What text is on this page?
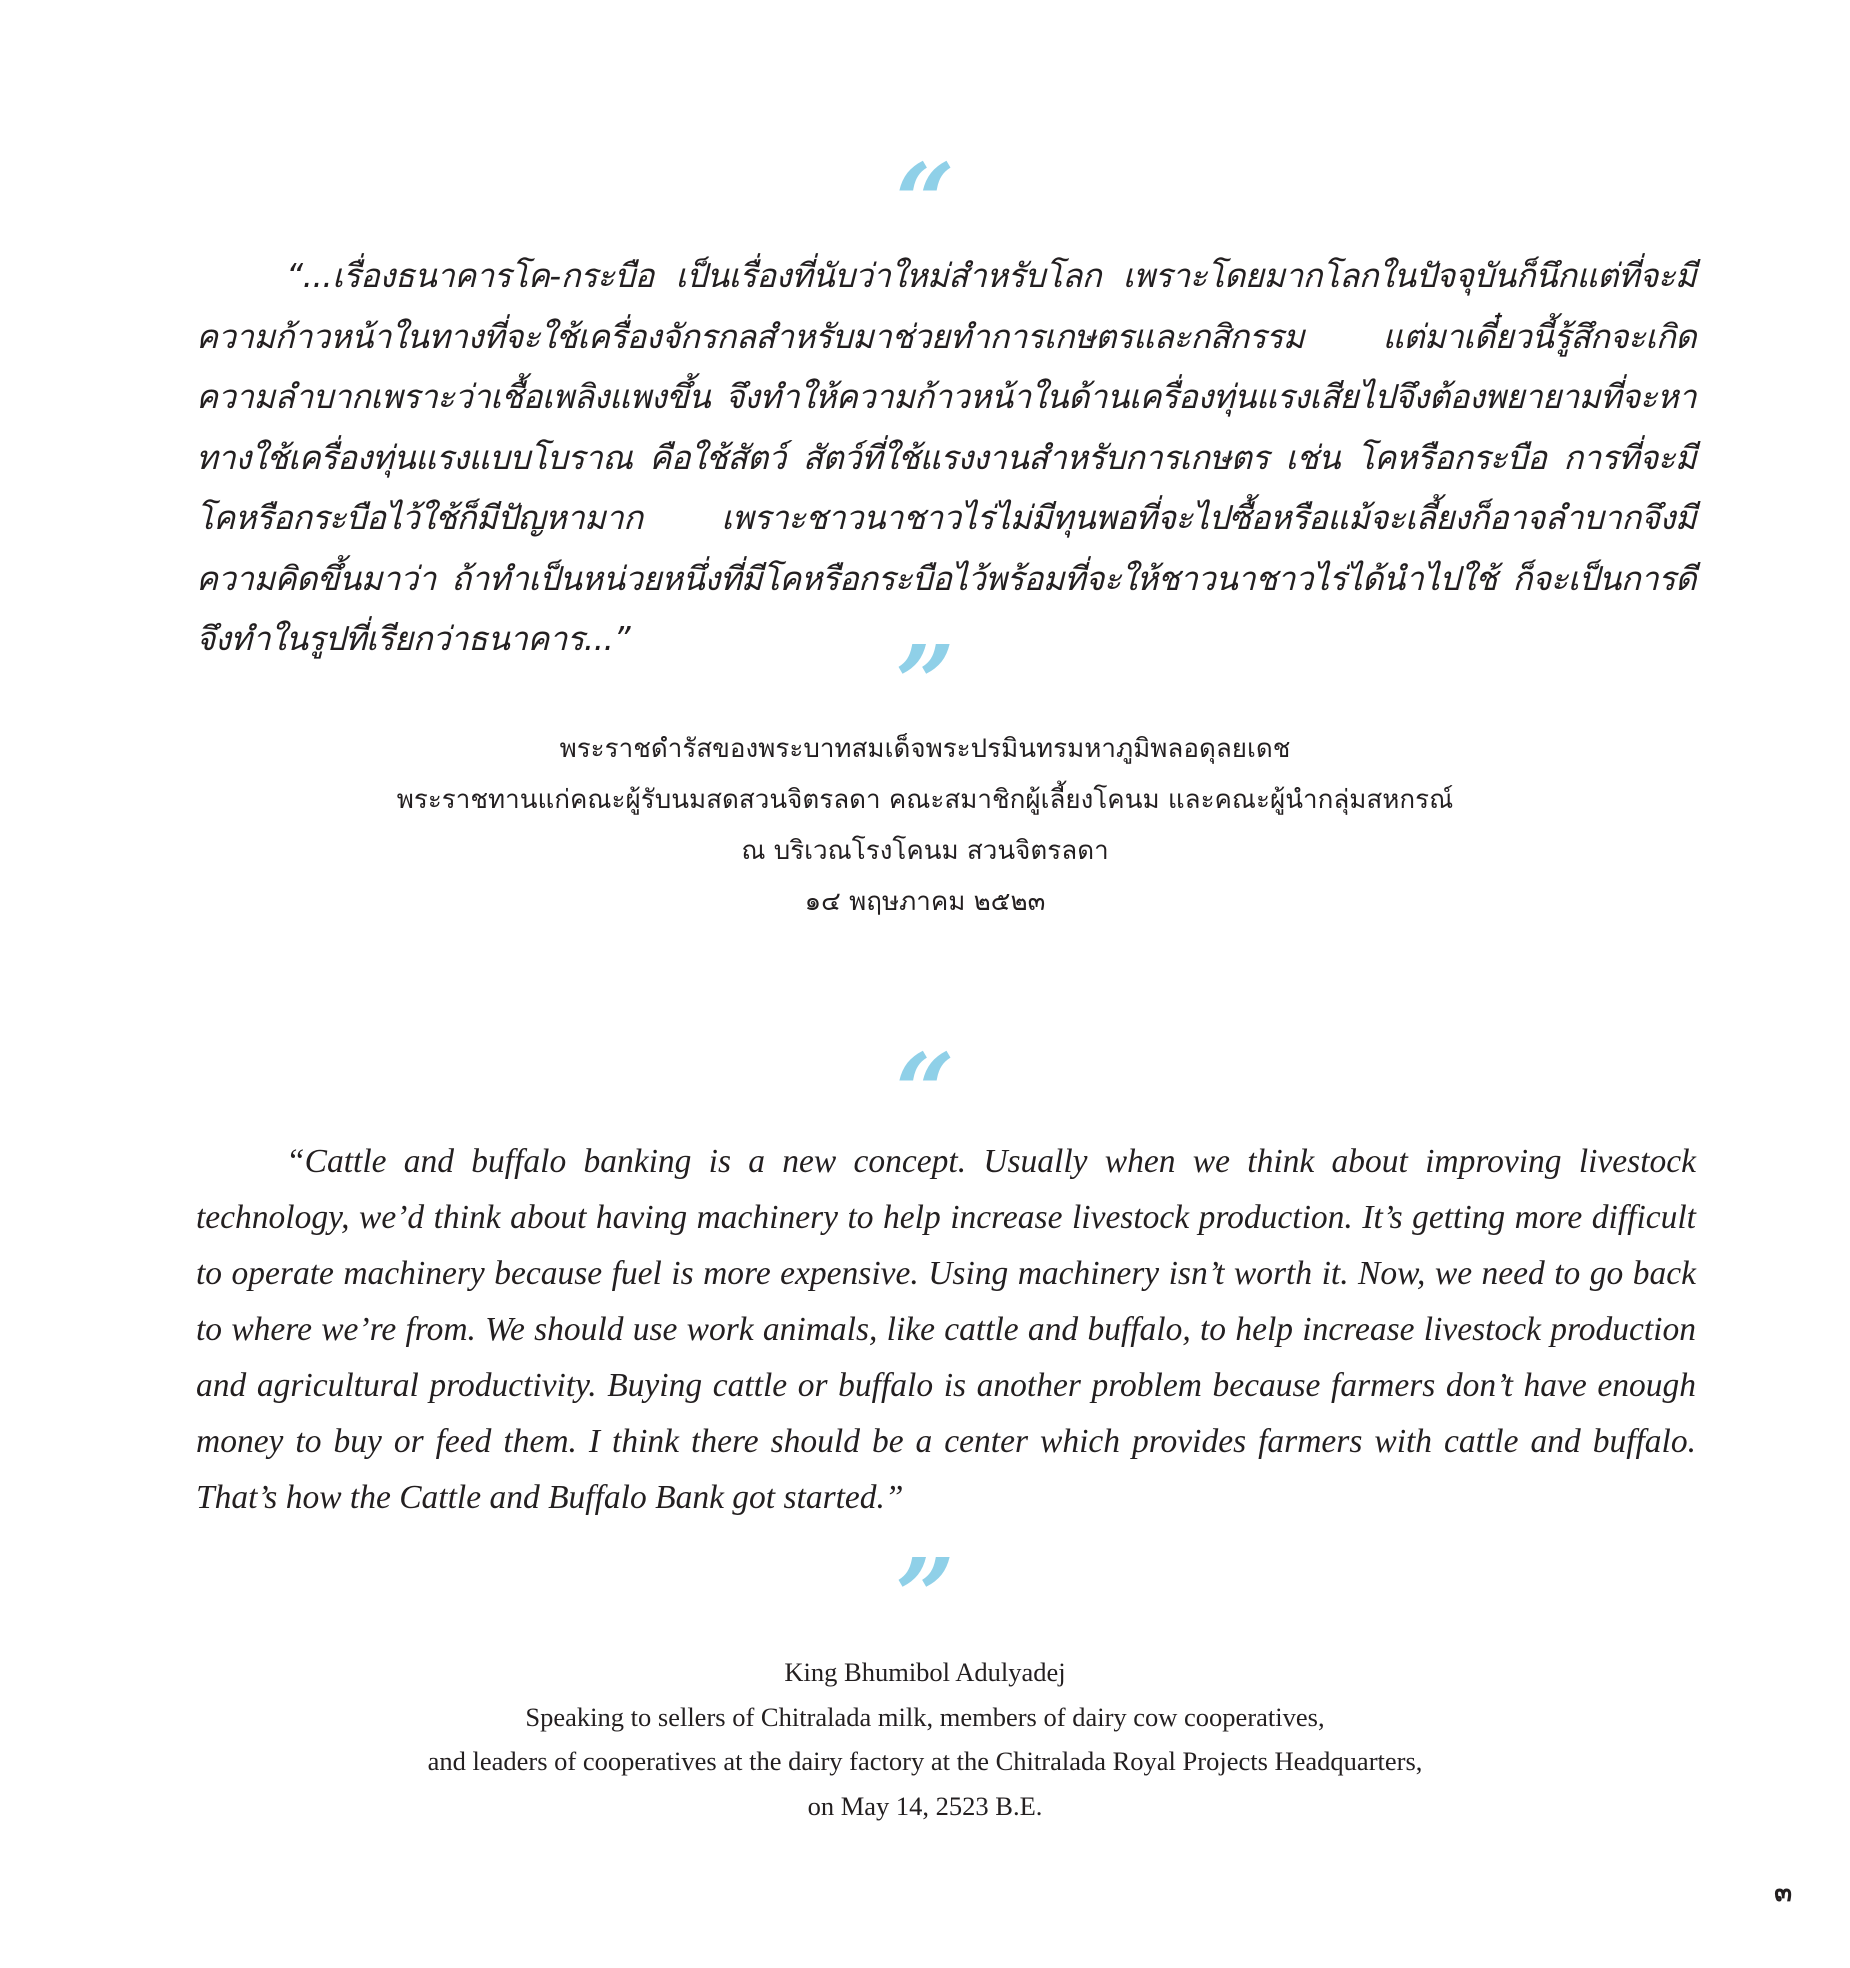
“

“...เรื่องธนาคารโค-กระบือ เป็นเรื่องที่นับว่าใหม่สำหรับโลก เพราะโดยมากโลกในปัจจุบันก็นึกแต่ที่จะมีความก้าวหน้าในทางที่จะใช้เครื่องจักรกลสำหรับมาช่วยทำการเกษตรและกสิกรรม แต่มาเดี๋ยวนี้รู้สึกจะเกิดความลำบากเพราะว่าเชื้อเพลิงแพงขึ้น จึงทำให้ความก้าวหน้าในด้านเครื่องทุ่นแรงเสียไปจึงต้องพยายามที่จะหาทางใช้เครื่องทุ่นแรงแบบโบราณ คือใช้สัตว์ สัตว์ที่ใช้แรงงานสำหรับการเกษตร เช่น โคหรือกระบือ การที่จะมีโคหรือกระบือไว้ใช้ก็มีปัญหามาก เพราะชาวนาชาวไร่ไม่มีทุนพอที่จะไปซื้อหรือแม้จะเลี้ยงก็อาจลำบากจึงมีความคิดขึ้นมาว่า ถ้าทำเป็นหน่วยหนึ่งที่มีโคหรือกระบือไว้พร้อมที่จะให้ชาวนาชาวไร่ได้นำไปใช้ ก็จะเป็นการดี จึงทำในรูปที่เรียกว่าธนาคาร...”	”
พระราชดำรัสของพระบาทสมเด็จพระปรมินทรมหาภูมิพลอดุลยเดช
พระราชทานแก่คณะผู้รับนมสดสวนจิตรลดา คณะสมาชิกผู้เลี้ยงโคนม และคณะผู้นำกลุ่มสหกรณ์
ณ บริเวณโรงโคนม สวนจิตรลดา
๑๔ พฤษภาคม ๒๕๒๓
“

“Cattle and buffalo banking is a new concept. Usually when we think about improving livestock technology, we’d think about having machinery to help increase livestock production. It’s getting more difficult to operate machinery because fuel is more expensive. Using machinery isn’t worth it. Now, we need to go back to where we’re from. We should use work animals, like cattle and buffalo, to help increase livestock production and agricultural productivity. Buying cattle or buffalo is another problem because farmers don’t have enough money to buy or feed them. I think there should be a center which provides farmers with cattle and buffalo. That’s how the Cattle and Buffalo Bank got started.”

”
King Bhumibol Adulyadej
Speaking to sellers of Chitralada milk, members of dairy cow cooperatives,
and leaders of cooperatives at the dairy factory at the Chitralada Royal Projects Headquarters,
on May 14, 2523 B.E.
๓
